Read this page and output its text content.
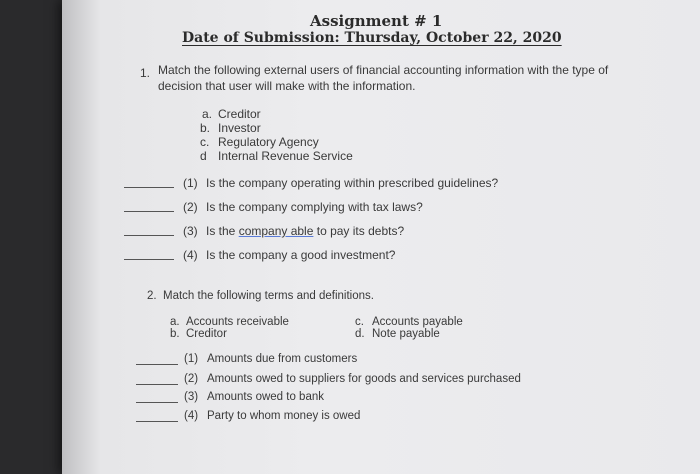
Assignment # 1
Date of Submission: Thursday, October 22, 2020
1. Match the following external users of financial accounting information with the type of
decision that user will make with the information.
a. Creditor
b. Investor
c. Regulatory Agency
d Internal Revenue Service
(1) Is the company operating within prescribed guidelines?
(2) Is the company complying with tax laws?
(3) Is the company able to pay its debts?
(4) Is the company a good investment?
2. Match the following terms and definitions.
a. Accounts receivable
b. Creditor
c. Accounts payable
d. Note payable
(1) Amounts due from customers
(2) Amounts owed to suppliers for goods and services purchased
(3) Amounts owed to bank
(4) Party to whom money is owed
